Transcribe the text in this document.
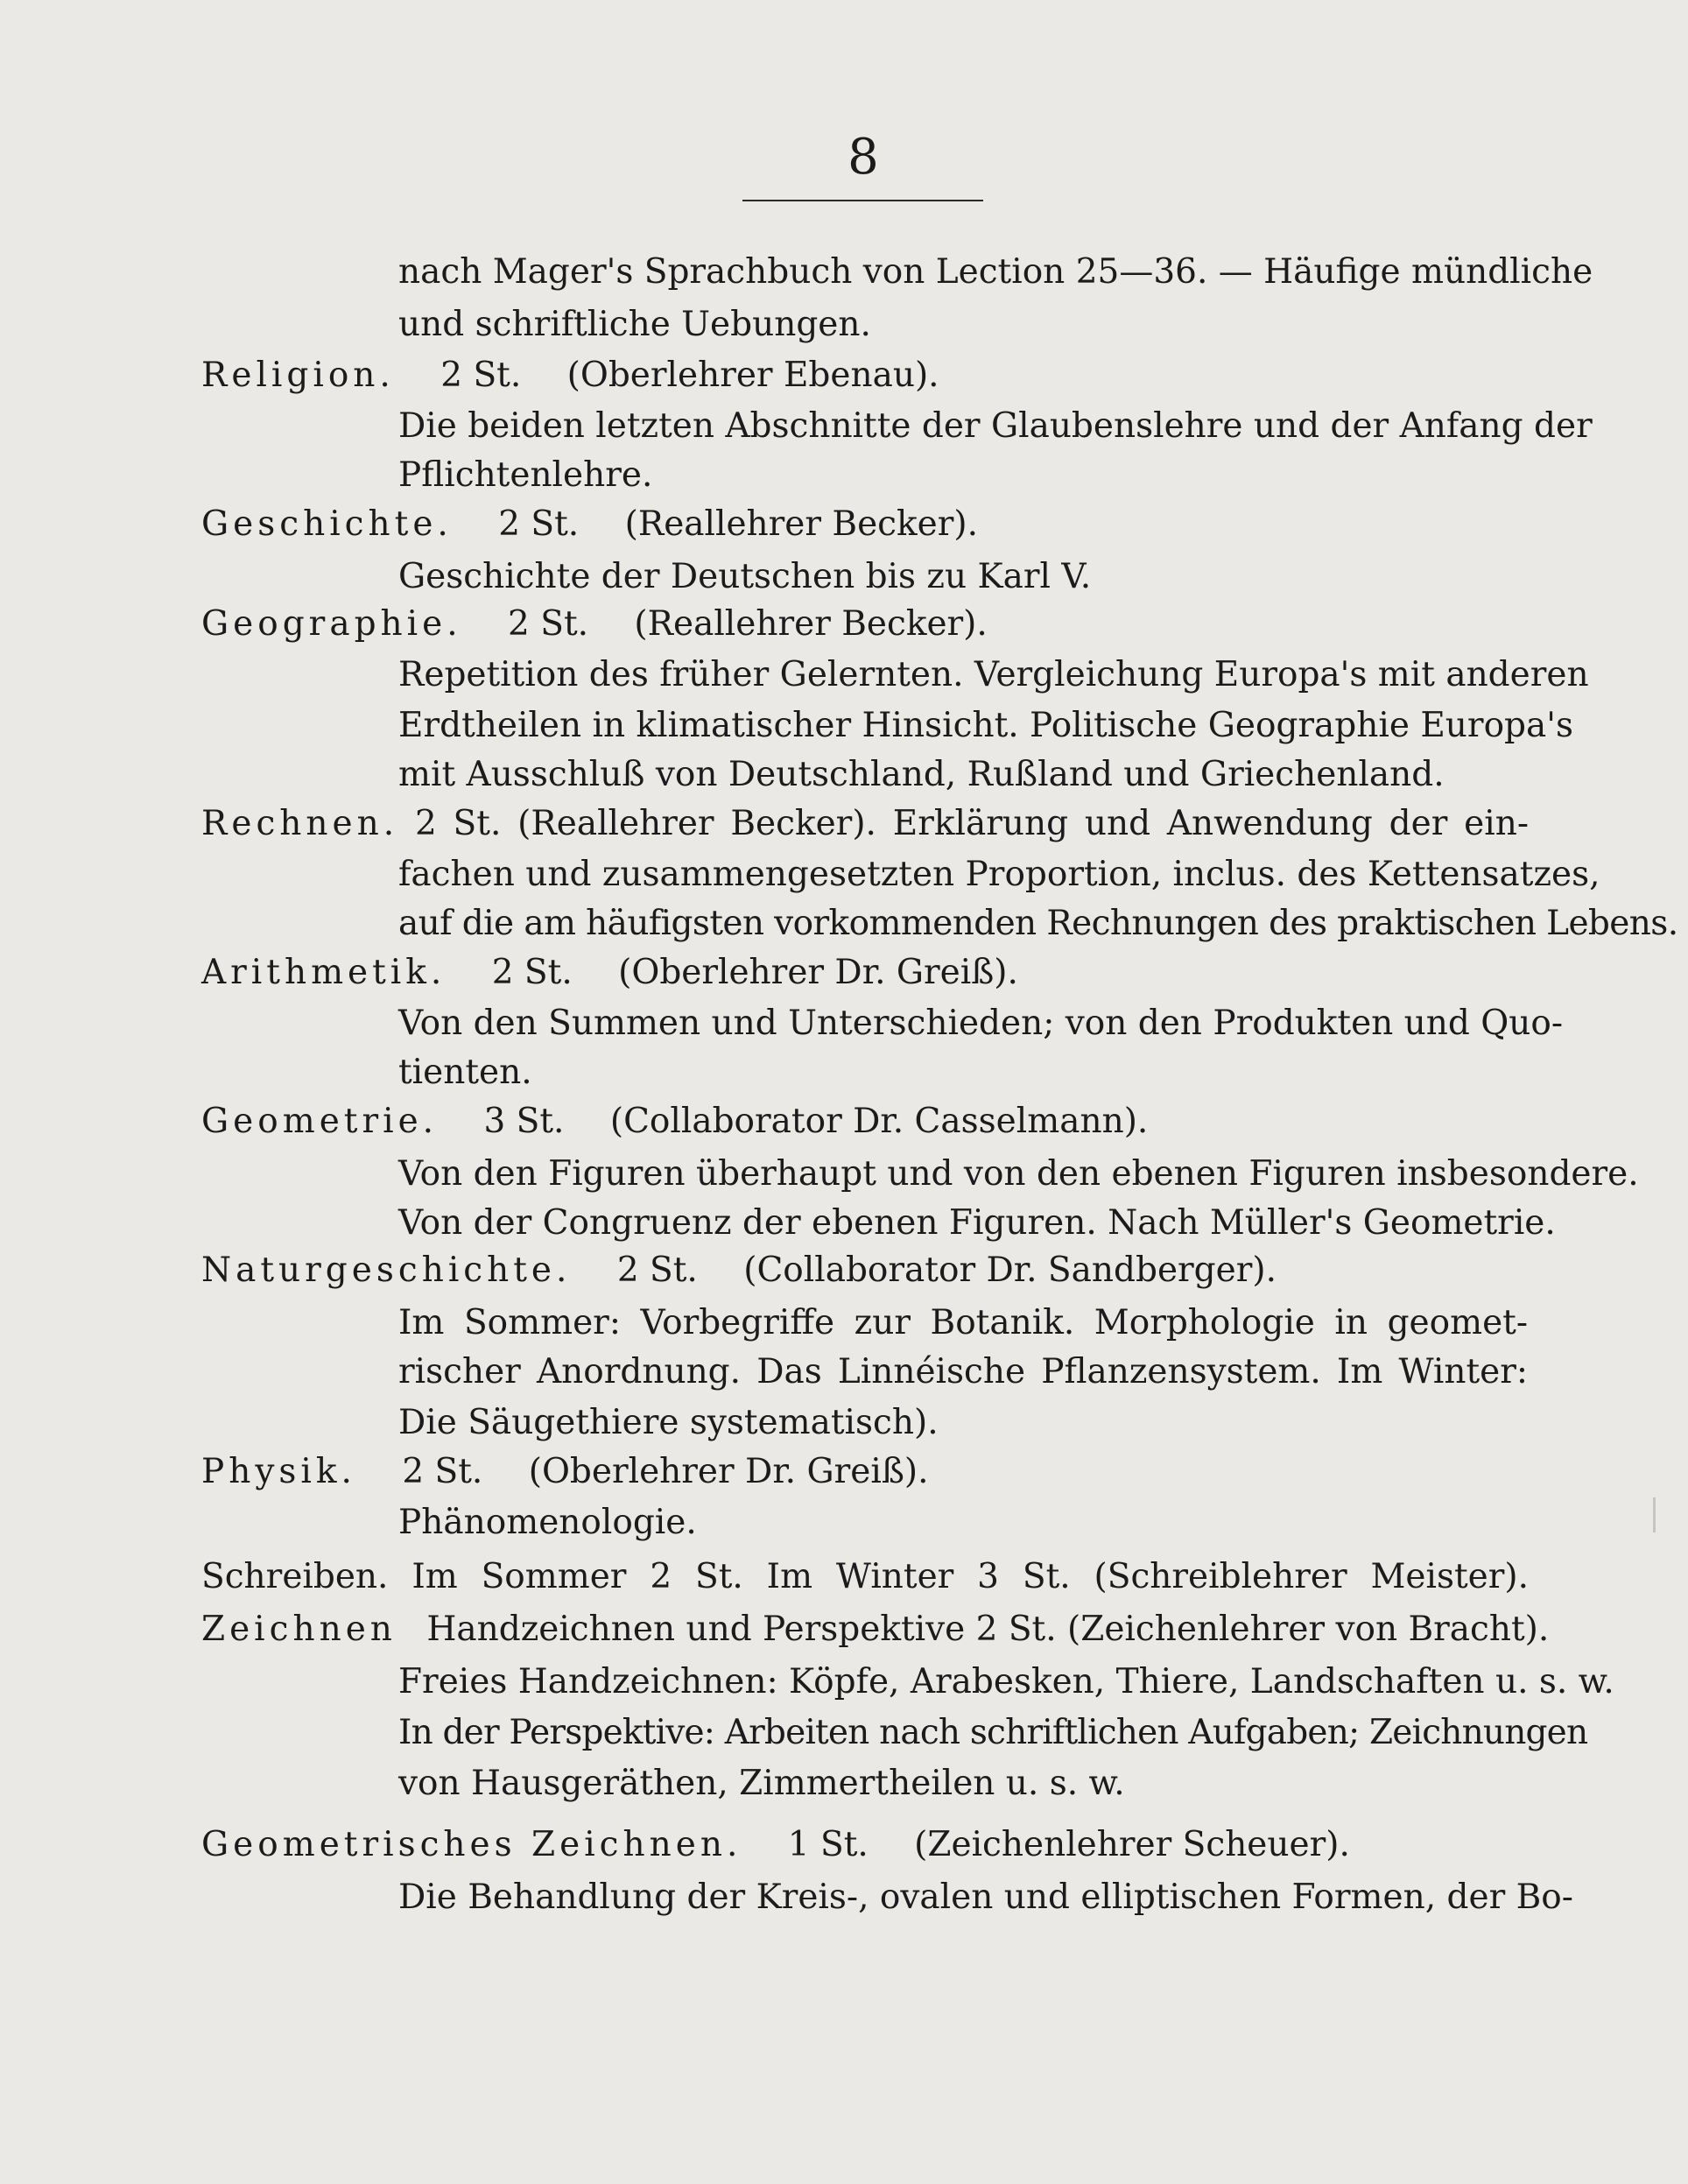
8
nach Mager's Sprachbuch von Lection 25—36. — Häufige mündliche
und schriftliche Uebungen.
Religion. 2 St. (Oberlehrer Ebenau).
Die beiden letzten Abschnitte der Glaubenslehre und der Anfang der
Pflichtenlehre.
Geschichte. 2 St. (Reallehrer Becker).
Geschichte der Deutschen bis zu Karl V.
Geographie. 2 St. (Reallehrer Becker).
Repetition des früher Gelernten. Vergleichung Europa's mit anderen
Erdtheilen in klimatischer Hinsicht. Politische Geographie Europa's
mit Ausschluß von Deutschland, Rußland und Griechenland.
Rechnen. 2 St. (Reallehrer Becker). Erklärung und Anwendung der ein-
fachen und zusammengesetzten Proportion, inclus. des Kettensatzes,
auf die am häufigsten vorkommenden Rechnungen des praktischen Lebens.
Arithmetik. 2 St. (Oberlehrer Dr. Greiß).
Von den Summen und Unterschieden; von den Produkten und Quo-
tienten.
Geometrie. 3 St. (Collaborator Dr. Casselmann).
Von den Figuren überhaupt und von den ebenen Figuren insbesondere.
Von der Congruenz der ebenen Figuren. Nach Müller's Geometrie.
Naturgeschichte. 2 St. (Collaborator Dr. Sandberger).
Im Sommer: Vorbegriffe zur Botanik. Morphologie in geomet-
rischer Anordnung. Das Linnéische Pflanzensystem. Im Winter:
Die Säugethiere systematisch).
Physik. 2 St. (Oberlehrer Dr. Greiß).
Phänomenologie.
Schreiben. Im Sommer 2 St. Im Winter 3 St. (Schreiblehrer Meister).
Zeichnen Handzeichnen und Perspektive 2 St. (Zeichenlehrer von Bracht).
Freies Handzeichnen: Köpfe, Arabesken, Thiere, Landschaften u. s. w.
In der Perspektive: Arbeiten nach schriftlichen Aufgaben; Zeichnungen
von Hausgeräthen, Zimmertheilen u. s. w.
Geometrisches Zeichnen. 1 St. (Zeichenlehrer Scheuer).
Die Behandlung der Kreis-, ovalen und elliptischen Formen, der Bo-
